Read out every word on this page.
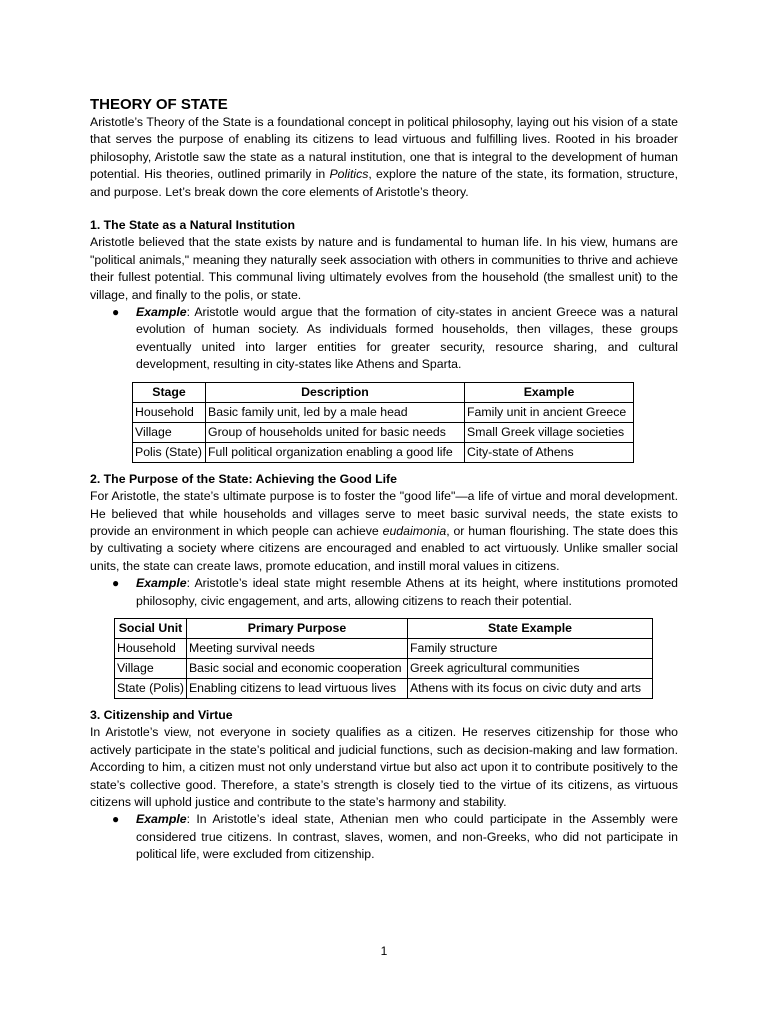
THEORY OF STATE

Aristotle’s Theory of the State is a foundational concept in political philosophy, laying out his vision of a state that serves the purpose of enabling its citizens to lead virtuous and fulfilling lives. Rooted in his broader philosophy, Aristotle saw the state as a natural institution, one that is integral to the development of human potential. His theories, outlined primarily in Politics, explore the nature of the state, its formation, structure, and purpose. Let’s break down the core elements of Aristotle’s theory.

1. The State as a Natural Institution

Aristotle believed that the state exists by nature and is fundamental to human life. In his view, humans are "political animals," meaning they naturally seek association with others in communities to thrive and achieve their fullest potential. This communal living ultimately evolves from the household (the smallest unit) to the village, and finally to the polis, or state.

● Example: Aristotle would argue that the formation of city-states in ancient Greece was a natural evolution of human society. As individuals formed households, then villages, these groups eventually united into larger entities for greater security, resource sharing, and cultural development, resulting in city-states like Athens and Sparta.
Stage	Description	Example
Household	Basic family unit, led by a male head	Family unit in ancient Greece
Village	Group of households united for basic needs	Small Greek village societies
Polis (State)	Full political organization enabling a good life	City-state of Athens
2. The Purpose of the State: Achieving the Good Life

For Aristotle, the state’s ultimate purpose is to foster the "good life"—a life of virtue and moral development. He believed that while households and villages serve to meet basic survival needs, the state exists to provide an environment in which people can achieve eudaimonia, or human flourishing. The state does this by cultivating a society where citizens are encouraged and enabled to act virtuously. Unlike smaller social units, the state can create laws, promote education, and instill moral values in citizens.

● Example: Aristotle’s ideal state might resemble Athens at its height, where institutions promoted philosophy, civic engagement, and arts, allowing citizens to reach their potential.
Social Unit	Primary Purpose	State Example
Household	Meeting survival needs	Family structure
Village	Basic social and economic cooperation	Greek agricultural communities
State (Polis)	Enabling citizens to lead virtuous lives	Athens with its focus on civic duty and arts
3. Citizenship and Virtue

In Aristotle’s view, not everyone in society qualifies as a citizen. He reserves citizenship for those who actively participate in the state’s political and judicial functions, such as decision-making and law formation. According to him, a citizen must not only understand virtue but also act upon it to contribute positively to the state’s collective good. Therefore, a state’s strength is closely tied to the virtue of its citizens, as virtuous citizens will uphold justice and contribute to the state’s harmony and stability.

● Example: In Aristotle’s ideal state, Athenian men who could participate in the Assembly were considered true citizens. In contrast, slaves, women, and non-Greeks, who did not participate in political life, were excluded from citizenship.
1
